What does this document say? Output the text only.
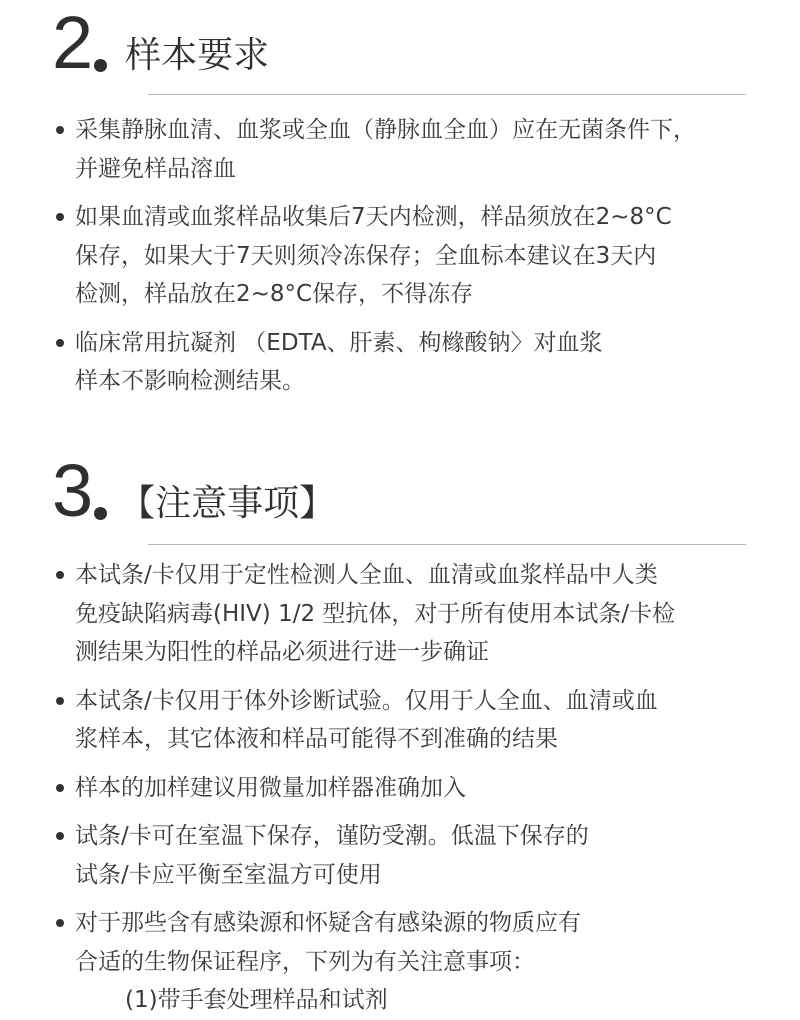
2 样本要求
采集静脉血清、血浆或全血（静脉血全血）应在无菌条件下，
并避免样品溶血
如果血清或血浆样品收集后7天内检测，样品须放在2~8°C
保存，如果大于7天则须冷冻保存；全血标本建议在3天内
检测，样品放在2~8°C保存，不得冻存
临床常用抗凝剂 （EDTA、肝素、枸橼酸钠〉对血浆
样本不影响检测结果。
3 【注意事项】
本试条/卡仅用于定性检测人全血、血清或血浆样品中人类
免疫缺陷病毒(HIV) 1/2 型抗体，对于所有使用本试条/卡检
测结果为阳性的样品必须进行进一步确证
本试条/卡仅用于体外诊断试验。仅用于人全血、血清或血
浆样本，其它体液和样品可能得不到准确的结果
样本的加样建议用微量加样器准确加入
试条/卡可在室温下保存，谨防受潮。低温下保存的
试条/卡应平衡至室温方可使用
对于那些含有感染源和怀疑含有感染源的物质应有
合适的生物保证程序，下列为有关注意事项：
(1)带手套处理样品和试剂
